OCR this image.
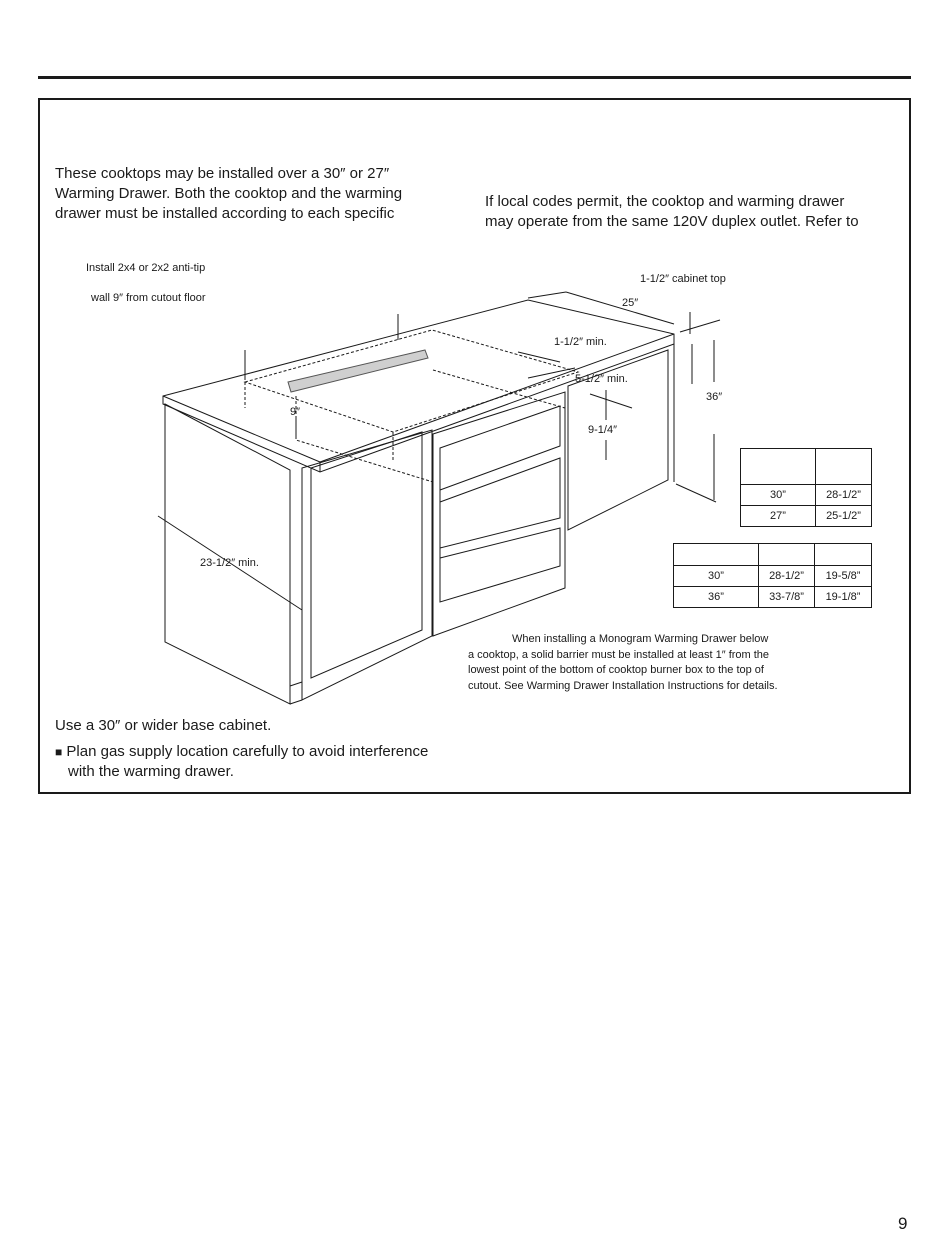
These cooktops may be installed over a 30″ or 27″
Warming Drawer. Both the cooktop and the warming
drawer must be installed according to each specific

If local codes permit, the cooktop and warming drawer
may operate from the same 120V duplex outlet. Refer to

Install 2x4 or 2x2 anti-tip
wall 9″ from cutout floor
1-1/2″ cabinet top
25″
1-1/2″ min.
5-1/2″ min.
36″
9″
9-1/4″
23-1/2″ min.

30”	28-1/2”
27”	25-1/2”

30”	28-1/2”	19-5/8”
36”	33-7/8”	19-1/8”
When installing a Monogram Warming Drawer below
a cooktop, a solid barrier must be installed at least 1″ from the
lowest point of the bottom of cooktop burner box to the top of
cutout. See Warming Drawer Installation Instructions for details.

Use a 30″ or wider base cabinet.

■ Plan gas supply location carefully to avoid interference
with the warming drawer.
9
